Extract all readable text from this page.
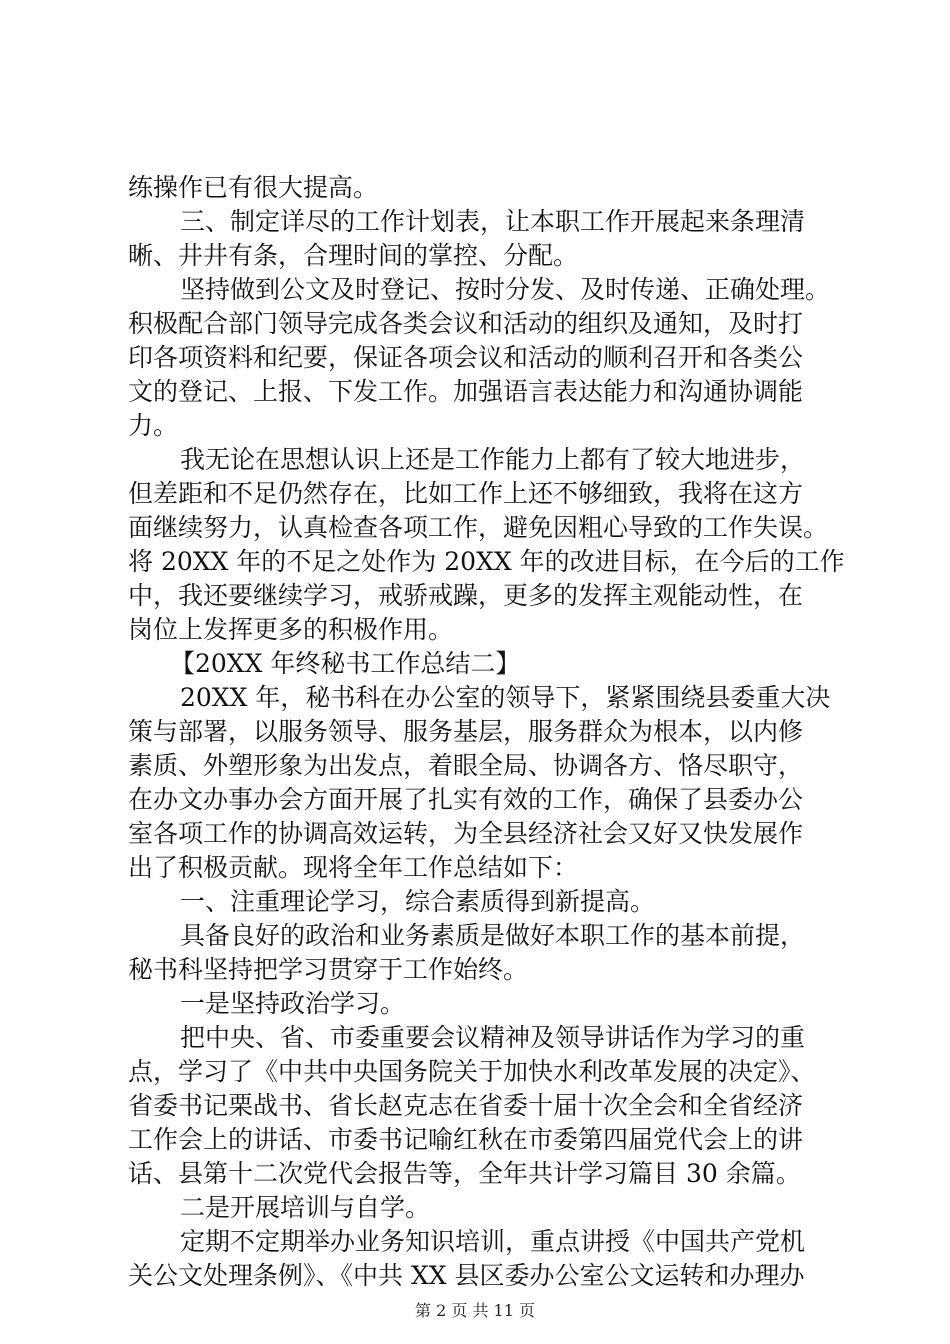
练操作已有很大提高。
三、制定详尽的工作计划表，让本职工作开展起来条理清
晰、井井有条，合理时间的掌控、分配。
坚持做到公文及时登记、按时分发、及时传递、正确处理。
积极配合部门领导完成各类会议和活动的组织及通知，及时打
印各项资料和纪要，保证各项会议和活动的顺利召开和各类公
文的登记、上报、下发工作。加强语言表达能力和沟通协调能
力。
我无论在思想认识上还是工作能力上都有了较大地进步，
但差距和不足仍然存在，比如工作上还不够细致，我将在这方
面继续努力，认真检查各项工作，避免因粗心导致的工作失误。
将 20XX 年的不足之处作为 20XX 年的改进目标，在今后的工作
中，我还要继续学习，戒骄戒躁，更多的发挥主观能动性，在
岗位上发挥更多的积极作用。
【20XX 年终秘书工作总结二】
20XX 年，秘书科在办公室的领导下，紧紧围绕县委重大决
策与部署，以服务领导、服务基层，服务群众为根本，以内修
素质、外塑形象为出发点，着眼全局、协调各方、恪尽职守，
在办文办事办会方面开展了扎实有效的工作，确保了县委办公
室各项工作的协调高效运转，为全县经济社会又好又快发展作
出了积极贡献。现将全年工作总结如下：
一、注重理论学习，综合素质得到新提高。
具备良好的政治和业务素质是做好本职工作的基本前提，
秘书科坚持把学习贯穿于工作始终。
一是坚持政治学习。
把中央、省、市委重要会议精神及领导讲话作为学习的重
点，学习了《中共中央国务院关于加快水利改革发展的决定》、
省委书记栗战书、省长赵克志在省委十届十次全会和全省经济
工作会上的讲话、市委书记喻红秋在市委第四届党代会上的讲
话、县第十二次党代会报告等，全年共计学习篇目 30 余篇。
二是开展培训与自学。
定期不定期举办业务知识培训，重点讲授《中国共产党机
关公文处理条例》、《中共 XX 县区委办公室公文运转和办理办
第 2 页 共 11 页
